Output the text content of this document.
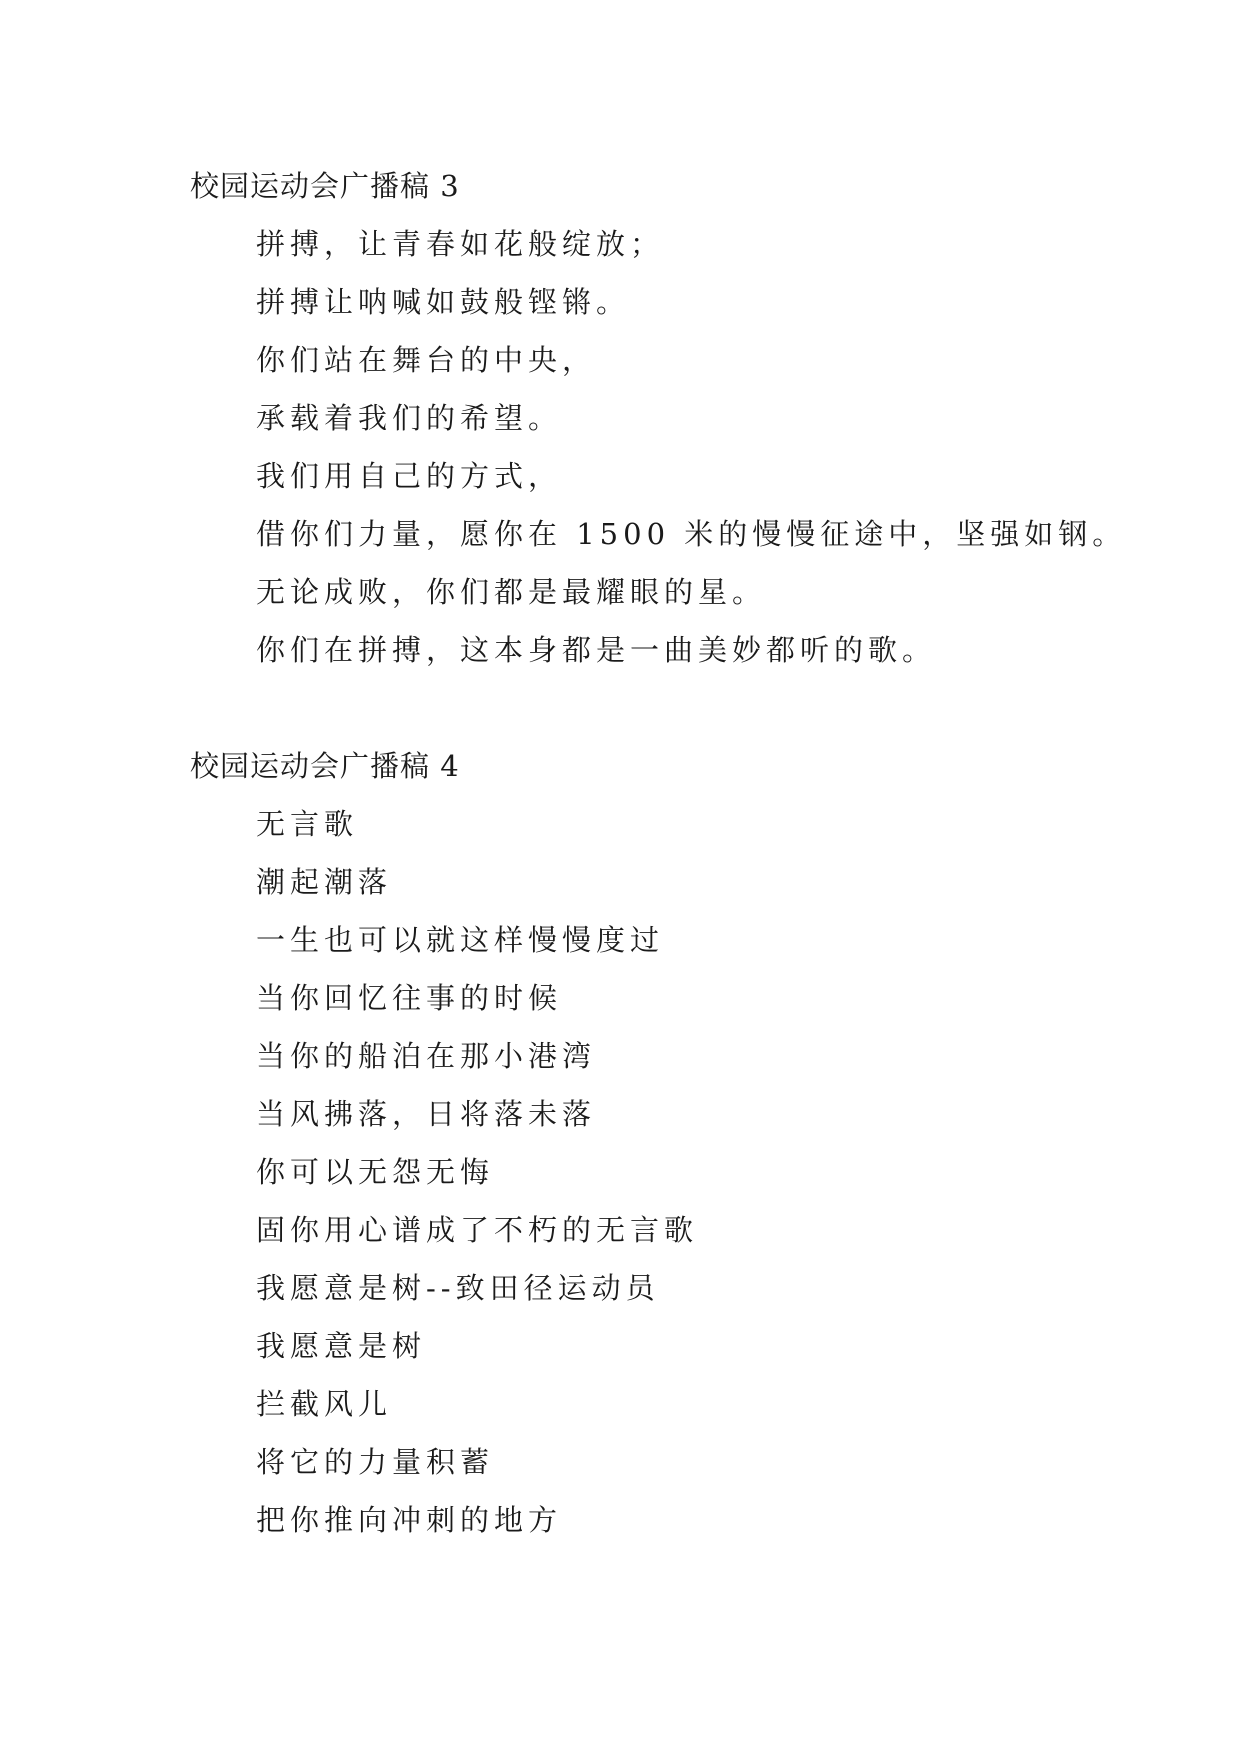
校园运动会广播稿 3
拼搏，让青春如花般绽放；
拼搏让呐喊如鼓般铿锵。
你们站在舞台的中央，
承载着我们的希望。
我们用自己的方式，
借你们力量，愿你在 1500 米的慢慢征途中，坚强如钢。
无论成败，你们都是最耀眼的星。
你们在拼搏，这本身都是一曲美妙都听的歌。
校园运动会广播稿 4
无言歌
潮起潮落
一生也可以就这样慢慢度过
当你回忆往事的时候
当你的船泊在那小港湾
当风拂落，日将落未落
你可以无怨无悔
固你用心谱成了不朽的无言歌
我愿意是树--致田径运动员
我愿意是树
拦截风儿
将它的力量积蓄
把你推向冲刺的地方
